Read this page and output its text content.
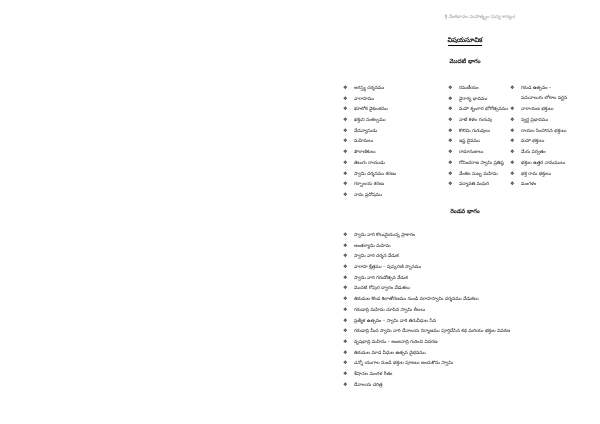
శ్రీ వేంకటాచల మహాత్మ్యం (పద్య కావ్యం)
విషయసూచిక
మొదటి భాగం
❖ అగస్త్య దర్శనము
❖ వారాహము
❖ భూలోక వైకుంఠము
❖ భక్తుని సంకల్పము
❖ వేదవ్యాసుడు
❖ మహిమలు
❖ పౌరాణికులు
❖ తెలుగు రాయుడు
❖ స్వామి దర్శనము శరణు
❖ గర్భాలయ శరణు
❖ నామ ప్రదోషము
❖ రమణీయం
❖ వైరాగ్య భావము
❖ మహా శృంగార భోగోత్సవము
❖ నాటి కళల గురువు
❖ కొలిమి గురువులు
❖ ఇష్ట దైవము
❖ రామానుజులు
❖ గోవిందరాజ స్వామి ప్రతిష్ఠ
❖ వేంకట సుబ్బ మహిమ
❖ పద్మావతి మధురి
❖ గరుడ ఉత్సవం –
పదునాలుగు లోకాల వర్ణన
❖ నారాయణ భక్తులు
❖ స్వర్ణ ప్రభావము
❖ రాయల సింహాసన భక్తులు
❖ మహా భక్తులు
❖ మేరు పర్వతం
❖ భక్తుల ఉత్తర నామములు
❖ భక్త రామ భక్తులు
❖ మంగళం
రెండవ భాగం
❖ స్వామి వారి కొలువైయున్న ప్రాకారం
❖ అంతర్యామి మహిమ
❖ స్వామి వారి దర్శన వేడుక
❖ వారాహ క్షేత్రము – పుష్కరిణి స్నానము
❖ స్వామి వారి గరుడోత్సవ వేడుక
❖ మొదటి గోపుర ద్వారం వేడుకలు
❖ తిరుమల కొండ శిలాతోరణము నుండి వరాహస్వామి దర్శనము వేడుకలు
❖ గరుడాద్రి మహిమ చూపిన స్వామి లీలలు
❖ ప్రత్యేక ఉత్సవం – స్వామి వారి తిరువీధుల సేవ
❖ గరుడాద్రి మీద స్వామి వారి దేవాలయ నిర్మాణము పూర్తిచేసిన కథ మరియు భక్తుల వివరణ
❖ వృషభాద్రి మహిమ – అంజనాద్రి గురించి వివరణ
❖ తిరుమల మాడ వీధుల ఉత్సవ వైభవము
❖ ఎన్నో యుగాల నుండి భక్తుల పూజలు అందుకొను స్వామి
❖ శేషాచల మంగళ గీతం
❖ దేవాలయ చరిత్ర
